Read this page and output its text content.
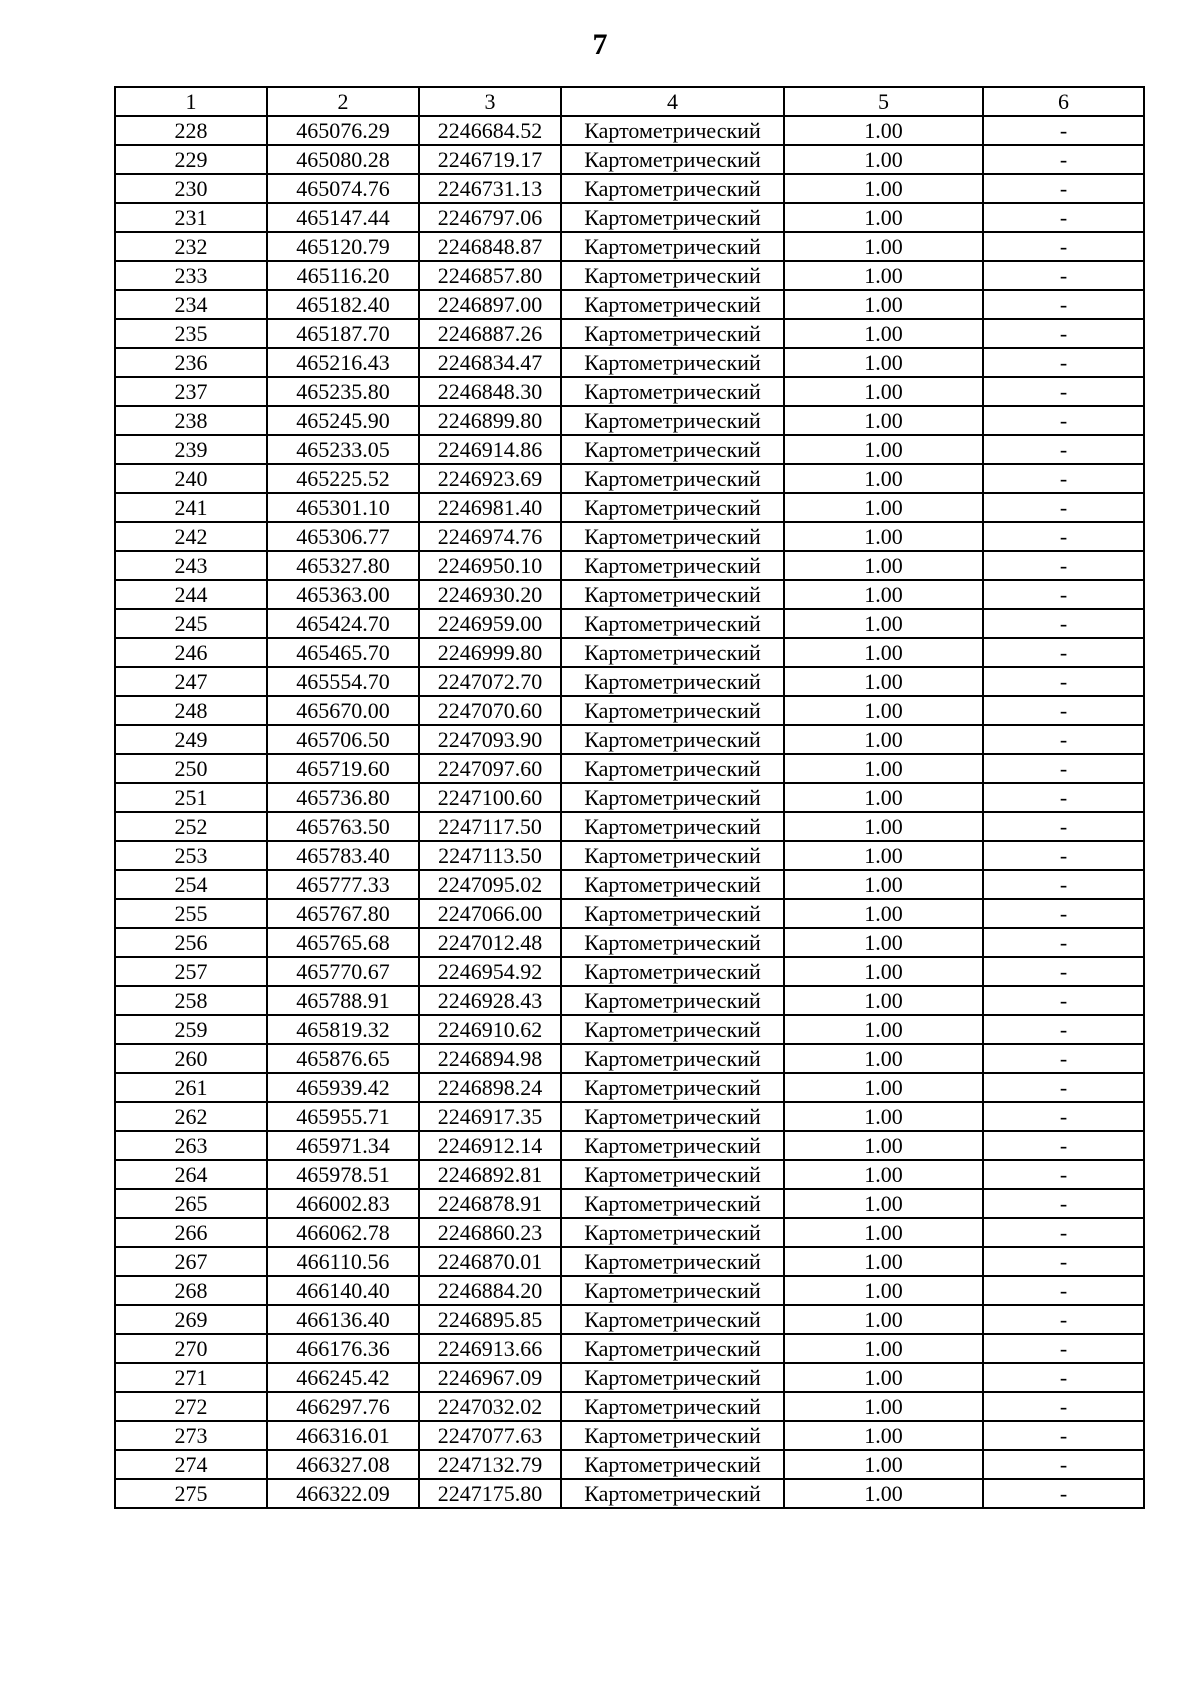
7
1	2	3	4	5	6
228	465076.29	2246684.52	Картометрический	1.00	-
229	465080.28	2246719.17	Картометрический	1.00	-
230	465074.76	2246731.13	Картометрический	1.00	-
231	465147.44	2246797.06	Картометрический	1.00	-
232	465120.79	2246848.87	Картометрический	1.00	-
233	465116.20	2246857.80	Картометрический	1.00	-
234	465182.40	2246897.00	Картометрический	1.00	-
235	465187.70	2246887.26	Картометрический	1.00	-
236	465216.43	2246834.47	Картометрический	1.00	-
237	465235.80	2246848.30	Картометрический	1.00	-
238	465245.90	2246899.80	Картометрический	1.00	-
239	465233.05	2246914.86	Картометрический	1.00	-
240	465225.52	2246923.69	Картометрический	1.00	-
241	465301.10	2246981.40	Картометрический	1.00	-
242	465306.77	2246974.76	Картометрический	1.00	-
243	465327.80	2246950.10	Картометрический	1.00	-
244	465363.00	2246930.20	Картометрический	1.00	-
245	465424.70	2246959.00	Картометрический	1.00	-
246	465465.70	2246999.80	Картометрический	1.00	-
247	465554.70	2247072.70	Картометрический	1.00	-
248	465670.00	2247070.60	Картометрический	1.00	-
249	465706.50	2247093.90	Картометрический	1.00	-
250	465719.60	2247097.60	Картометрический	1.00	-
251	465736.80	2247100.60	Картометрический	1.00	-
252	465763.50	2247117.50	Картометрический	1.00	-
253	465783.40	2247113.50	Картометрический	1.00	-
254	465777.33	2247095.02	Картометрический	1.00	-
255	465767.80	2247066.00	Картометрический	1.00	-
256	465765.68	2247012.48	Картометрический	1.00	-
257	465770.67	2246954.92	Картометрический	1.00	-
258	465788.91	2246928.43	Картометрический	1.00	-
259	465819.32	2246910.62	Картометрический	1.00	-
260	465876.65	2246894.98	Картометрический	1.00	-
261	465939.42	2246898.24	Картометрический	1.00	-
262	465955.71	2246917.35	Картометрический	1.00	-
263	465971.34	2246912.14	Картометрический	1.00	-
264	465978.51	2246892.81	Картометрический	1.00	-
265	466002.83	2246878.91	Картометрический	1.00	-
266	466062.78	2246860.23	Картометрический	1.00	-
267	466110.56	2246870.01	Картометрический	1.00	-
268	466140.40	2246884.20	Картометрический	1.00	-
269	466136.40	2246895.85	Картометрический	1.00	-
270	466176.36	2246913.66	Картометрический	1.00	-
271	466245.42	2246967.09	Картометрический	1.00	-
272	466297.76	2247032.02	Картометрический	1.00	-
273	466316.01	2247077.63	Картометрический	1.00	-
274	466327.08	2247132.79	Картометрический	1.00	-
275	466322.09	2247175.80	Картометрический	1.00	-
